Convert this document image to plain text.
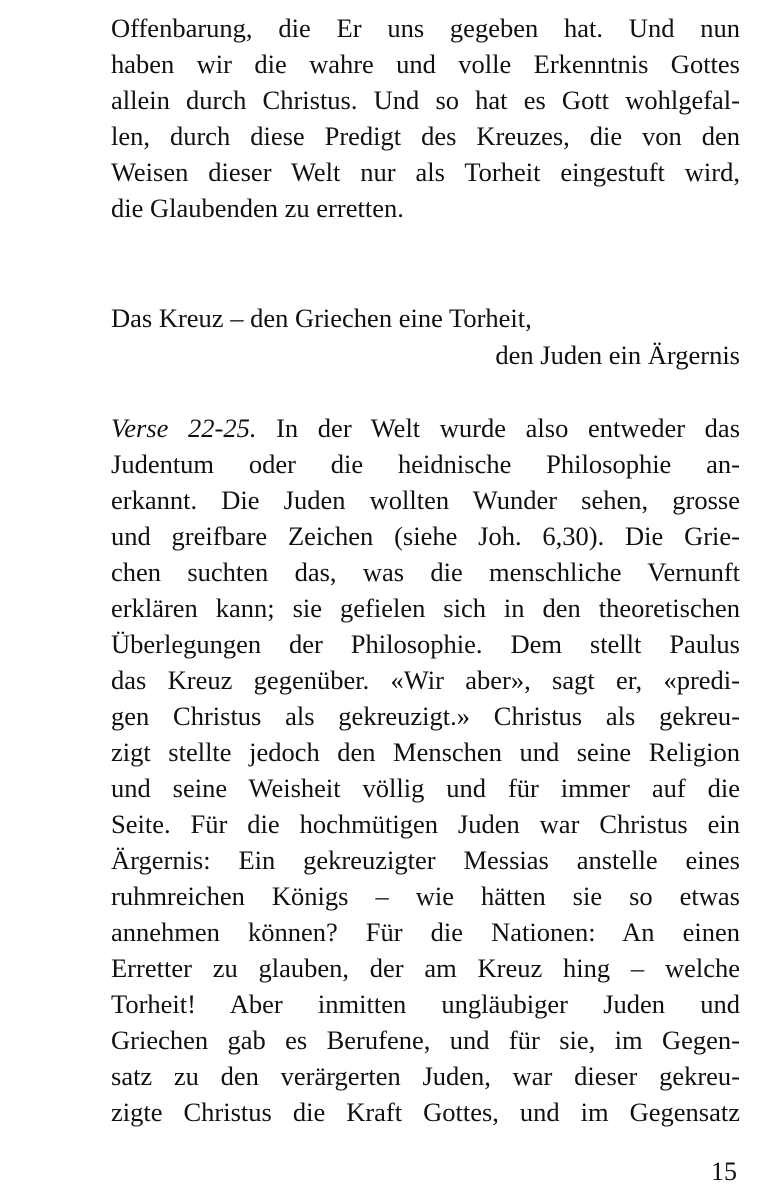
Offenbarung, die Er uns gegeben hat. Und nun
haben wir die wahre und volle Erkenntnis Gottes
allein durch Christus. Und so hat es Gott wohlgefal-
len, durch diese Predigt des Kreuzes, die von den
Weisen dieser Welt nur als Torheit eingestuft wird,
die Glaubenden zu erretten.
Das Kreuz – den Griechen eine Torheit,
den Juden ein Ärgernis
Verse 22-25. In der Welt wurde also entweder das
Judentum oder die heidnische Philosophie an-
erkannt. Die Juden wollten Wunder sehen, grosse
und greifbare Zeichen (siehe Joh. 6,30). Die Grie-
chen suchten das, was die menschliche Vernunft
erklären kann; sie gefielen sich in den theoretischen
Überlegungen der Philosophie. Dem stellt Paulus
das Kreuz gegenüber. «Wir aber», sagt er, «predi-
gen Christus als gekreuzigt.» Christus als gekreu-
zigt stellte jedoch den Menschen und seine Religion
und seine Weisheit völlig und für immer auf die
Seite. Für die hochmütigen Juden war Christus ein
Ärgernis: Ein gekreuzigter Messias anstelle eines
ruhmreichen Königs – wie hätten sie so etwas
annehmen können? Für die Nationen: An einen
Erretter zu glauben, der am Kreuz hing – welche
Torheit! Aber inmitten ungläubiger Juden und
Griechen gab es Berufene, und für sie, im Gegen-
satz zu den verärgerten Juden, war dieser gekreu-
zigte Christus die Kraft Gottes, und im Gegensatz
15
